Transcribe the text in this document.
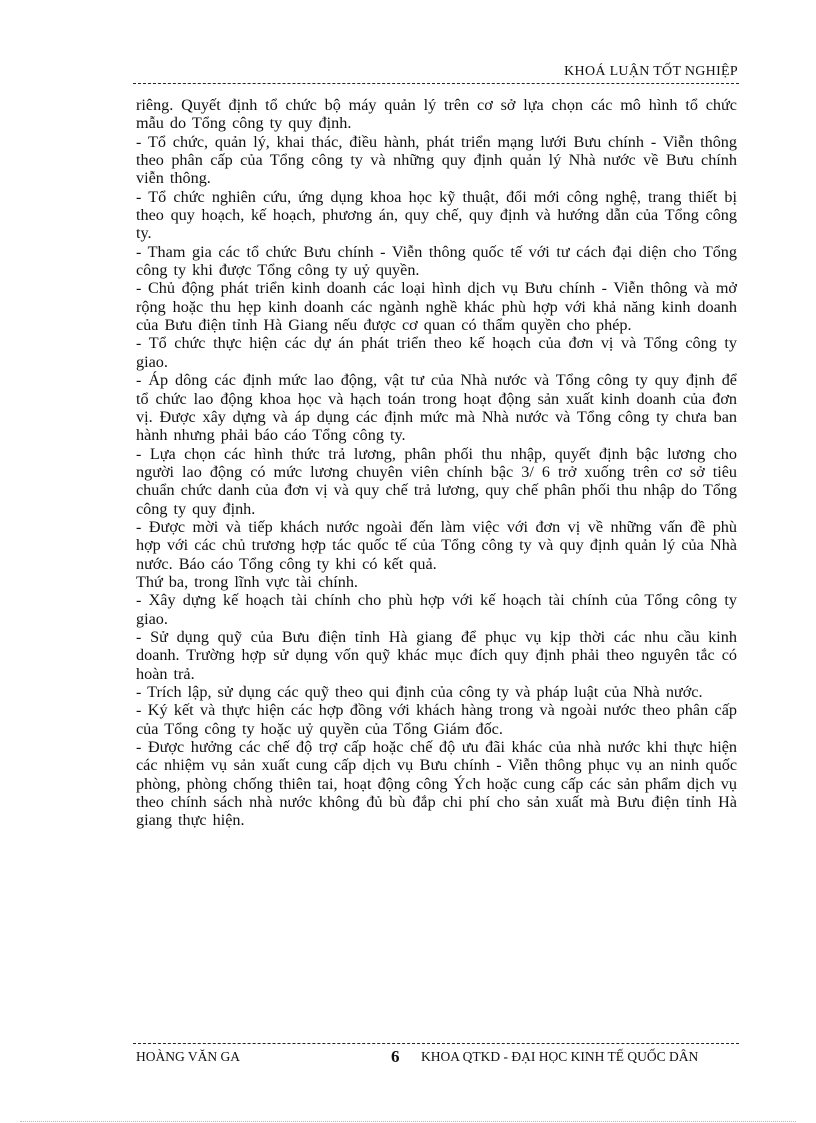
KHOÁ LUẬN TỐT NGHIỆP

riêng. Quyết định tổ chức bộ máy quản lý trên cơ sở lựa chọn các mô hình tổ chức mẫu do Tổng công ty quy định.

- Tổ chức, quản lý, khai thác, điều hành, phát triển mạng lưới Bưu chính - Viễn thông theo phân cấp của Tổng công ty và những quy định quản lý Nhà nước về Bưu chính viễn thông.

- Tổ chức nghiên cứu, ứng dụng khoa học kỹ thuật, đổi mới công nghệ, trang thiết bị theo quy hoạch, kế hoạch, phương án, quy chế, quy định và hướng dẫn của Tổng công ty.

- Tham gia các tổ chức Bưu chính - Viễn thông quốc tế với tư cách đại diện cho Tổng công ty khi được Tổng công ty uỷ quyền.

- Chủ động phát triển kinh doanh các loại hình dịch vụ Bưu chính - Viễn thông và mở rộng hoặc thu hẹp kinh doanh các ngành nghề khác phù hợp với khả năng kinh doanh của Bưu điện tỉnh Hà Giang nếu được cơ quan có thẩm quyền cho phép.

- Tổ chức thực hiện các dự án phát triển theo kế hoạch của đơn vị và Tổng công ty giao.

- Áp dông các định mức lao động, vật tư của Nhà nước và Tổng công ty quy định để tổ chức lao động khoa học và hạch toán trong hoạt động sản xuất kinh doanh của đơn vị. Được xây dựng và áp dụng các định mức mà Nhà nước và Tổng công ty chưa ban hành nhưng phải báo cáo Tổng công ty.

- Lựa chọn các hình thức trả lương, phân phối thu nhập, quyết định bậc lương cho người lao động có mức lương chuyên viên chính bậc 3/ 6 trở xuống trên cơ sở tiêu chuẩn chức danh của đơn vị và quy chế trả lương, quy chế phân phối thu nhập do Tổng công ty quy định.

- Được mời và tiếp khách nước ngoài đến làm việc với đơn vị về những vấn đề phù hợp với các chủ trương hợp tác quốc tế của Tổng công ty và quy định quản lý của Nhà nước. Báo cáo Tổng công ty khi có kết quả.

Thứ ba, trong lĩnh vực tài chính.

- Xây dựng kế hoạch tài chính cho phù hợp với kế hoạch tài chính của Tổng công ty giao.

- Sử dụng quỹ của Bưu điện tỉnh Hà giang để phục vụ kịp thời các nhu cầu kinh doanh. Trường hợp sử dụng vốn quỹ khác mục đích quy định phải theo nguyên tắc có hoàn trả.

- Trích lập, sử dụng các quỹ theo qui định của công ty và pháp luật của Nhà nước.

- Ký kết và thực hiện các hợp đồng với khách hàng trong và ngoài nước theo phân cấp của Tổng công ty hoặc uỷ quyền của Tổng Giám đốc.

- Được hưởng các chế độ trợ cấp hoặc chế độ ưu đãi khác của nhà nước khi thực hiện các nhiệm vụ sản xuất cung cấp dịch vụ Bưu chính - Viễn thông phục vụ an ninh quốc phòng, phòng chống thiên tai, hoạt động công Ých hoặc cung cấp các sản phẩm dịch vụ theo chính sách nhà nước không đủ bù đắp chi phí cho sản xuất mà Bưu điện tỉnh Hà giang thực hiện.

HOÀNG VĂN GA	6 KHOA QTKD - ĐẠI HỌC KINH TẾ QUỐC DÂN
